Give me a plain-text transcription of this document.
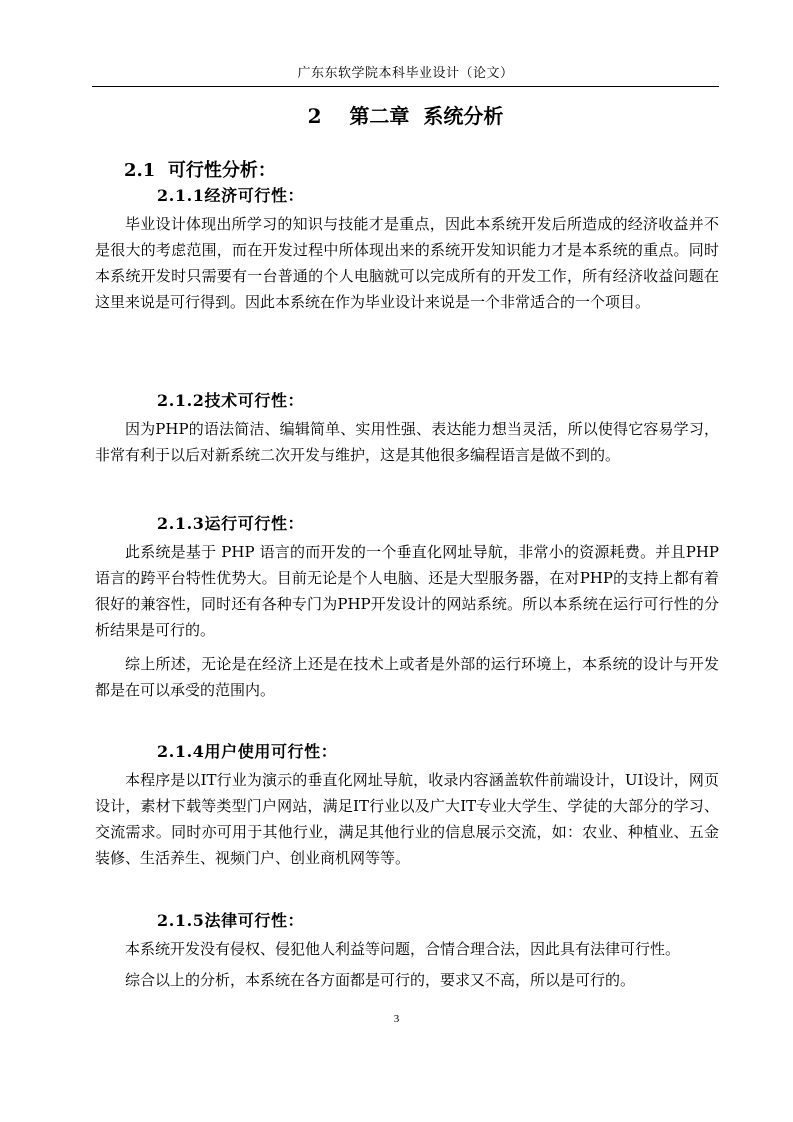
广东东软学院本科毕业设计（论文）
2    第二章  系统分析
2.1  可行性分析：
2.1.1经济可行性：
毕业设计体现出所学习的知识与技能才是重点，因此本系统开发后所造成的经济收益并不是很大的考虑范围，而在开发过程中所体现出来的系统开发知识能力才是本系统的重点。同时本系统开发时只需要有一台普通的个人电脑就可以完成所有的开发工作，所有经济收益问题在这里来说是可行得到。因此本系统在作为毕业设计来说是一个非常适合的一个项目。
2.1.2技术可行性：
因为PHP的语法简洁、编辑简单、实用性强、表达能力想当灵活，所以使得它容易学习，非常有利于以后对新系统二次开发与维护，这是其他很多编程语言是做不到的。
2.1.3运行可行性：
此系统是基于 PHP 语言的而开发的一个垂直化网址导航，非常小的资源耗费。并且PHP语言的跨平台特性优势大。目前无论是个人电脑、还是大型服务器，在对PHP的支持上都有着很好的兼容性，同时还有各种专门为PHP开发设计的网站系统。所以本系统在运行可行性的分析结果是可行的。
综上所述，无论是在经济上还是在技术上或者是外部的运行环境上，本系统的设计与开发都是在可以承受的范围内。
2.1.4用户使用可行性：
本程序是以IT行业为演示的垂直化网址导航，收录内容涵盖软件前端设计，UI设计，网页设计，素材下载等类型门户网站，满足IT行业以及广大IT专业大学生、学徒的大部分的学习、交流需求。同时亦可用于其他行业，满足其他行业的信息展示交流，如：农业、种植业、五金装修、生活养生、视频门户、创业商机网等等。
2.1.5法律可行性：
本系统开发没有侵权、侵犯他人利益等问题，合情合理合法，因此具有法律可行性。
综合以上的分析，本系统在各方面都是可行的，要求又不高，所以是可行的。
3
